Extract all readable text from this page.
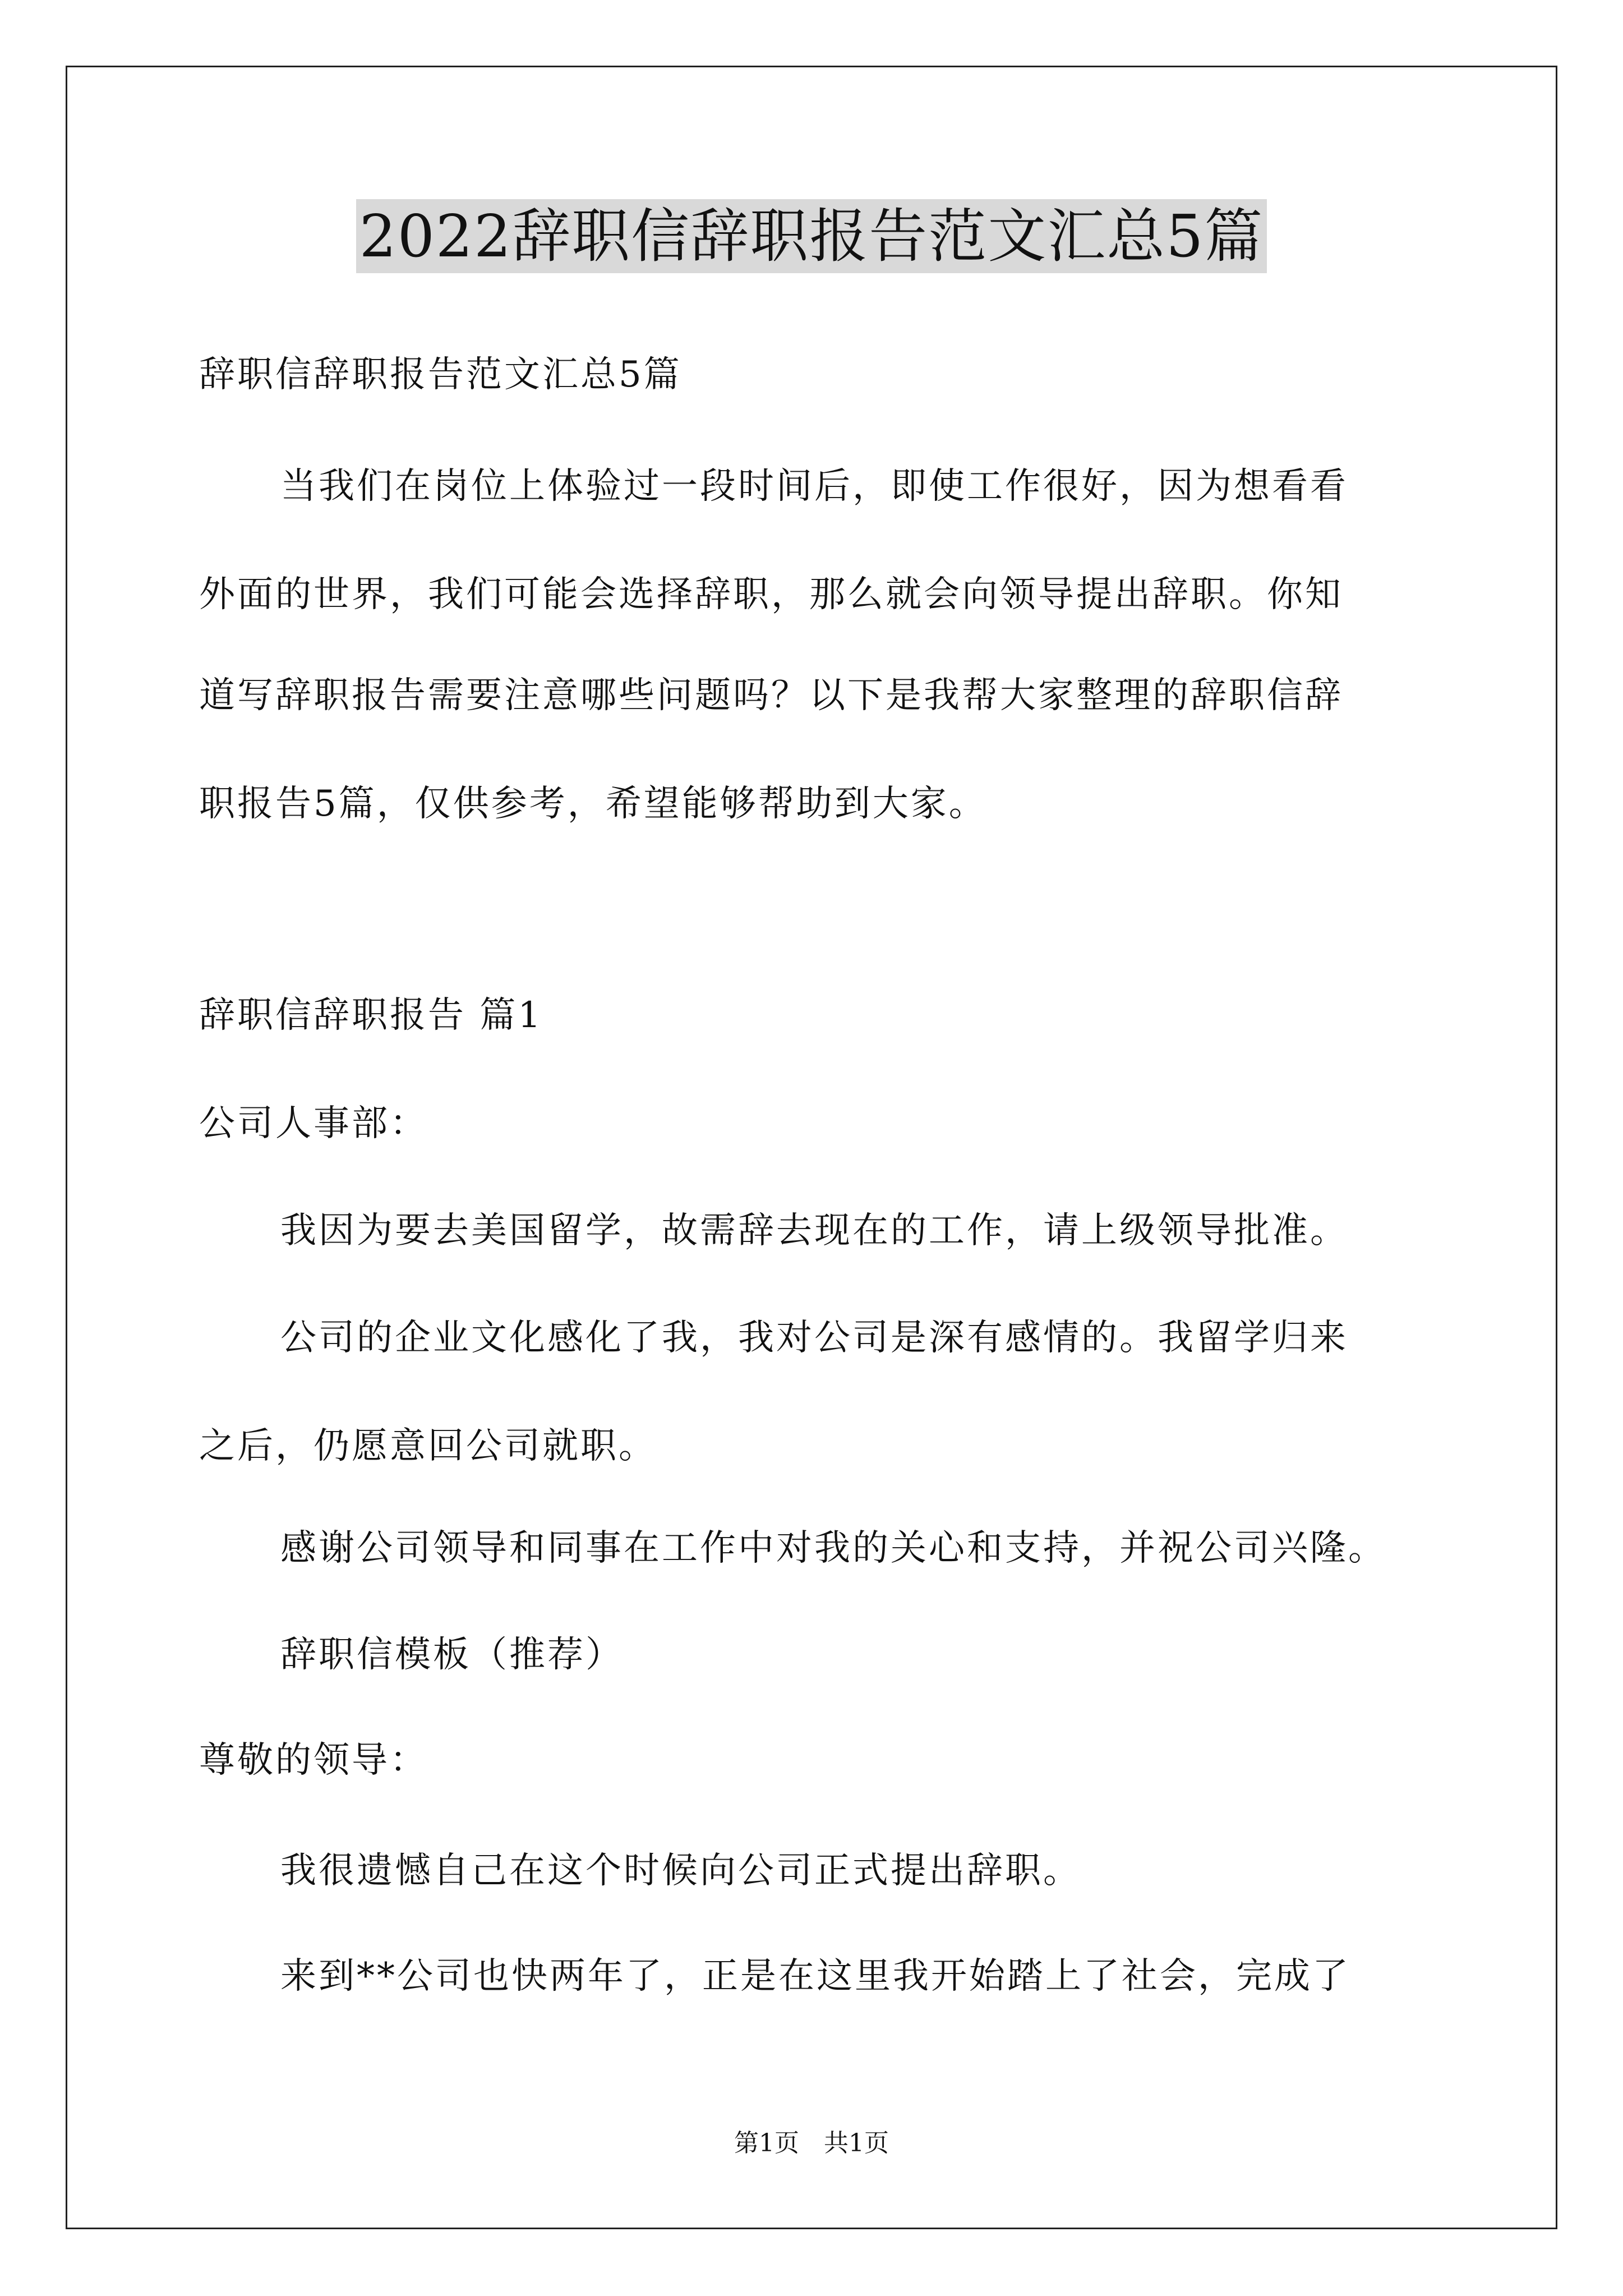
2022辞职信辞职报告范文汇总5篇
辞职信辞职报告范文汇总5篇
当我们在岗位上体验过一段时间后，即使工作很好，因为想看看
外面的世界，我们可能会选择辞职，那么就会向领导提出辞职。你知
道写辞职报告需要注意哪些问题吗？以下是我帮大家整理的辞职信辞
职报告5篇，仅供参考，希望能够帮助到大家。
辞职信辞职报告 篇1
公司人事部：
我因为要去美国留学，故需辞去现在的工作，请上级领导批准。
公司的企业文化感化了我，我对公司是深有感情的。我留学归来
之后，仍愿意回公司就职。
感谢公司领导和同事在工作中对我的关心和支持，并祝公司兴隆。
辞职信模板（推荐）
尊敬的领导：
我很遗憾自己在这个时候向公司正式提出辞职。
来到**公司也快两年了，正是在这里我开始踏上了社会，完成了
第1页　共1页
